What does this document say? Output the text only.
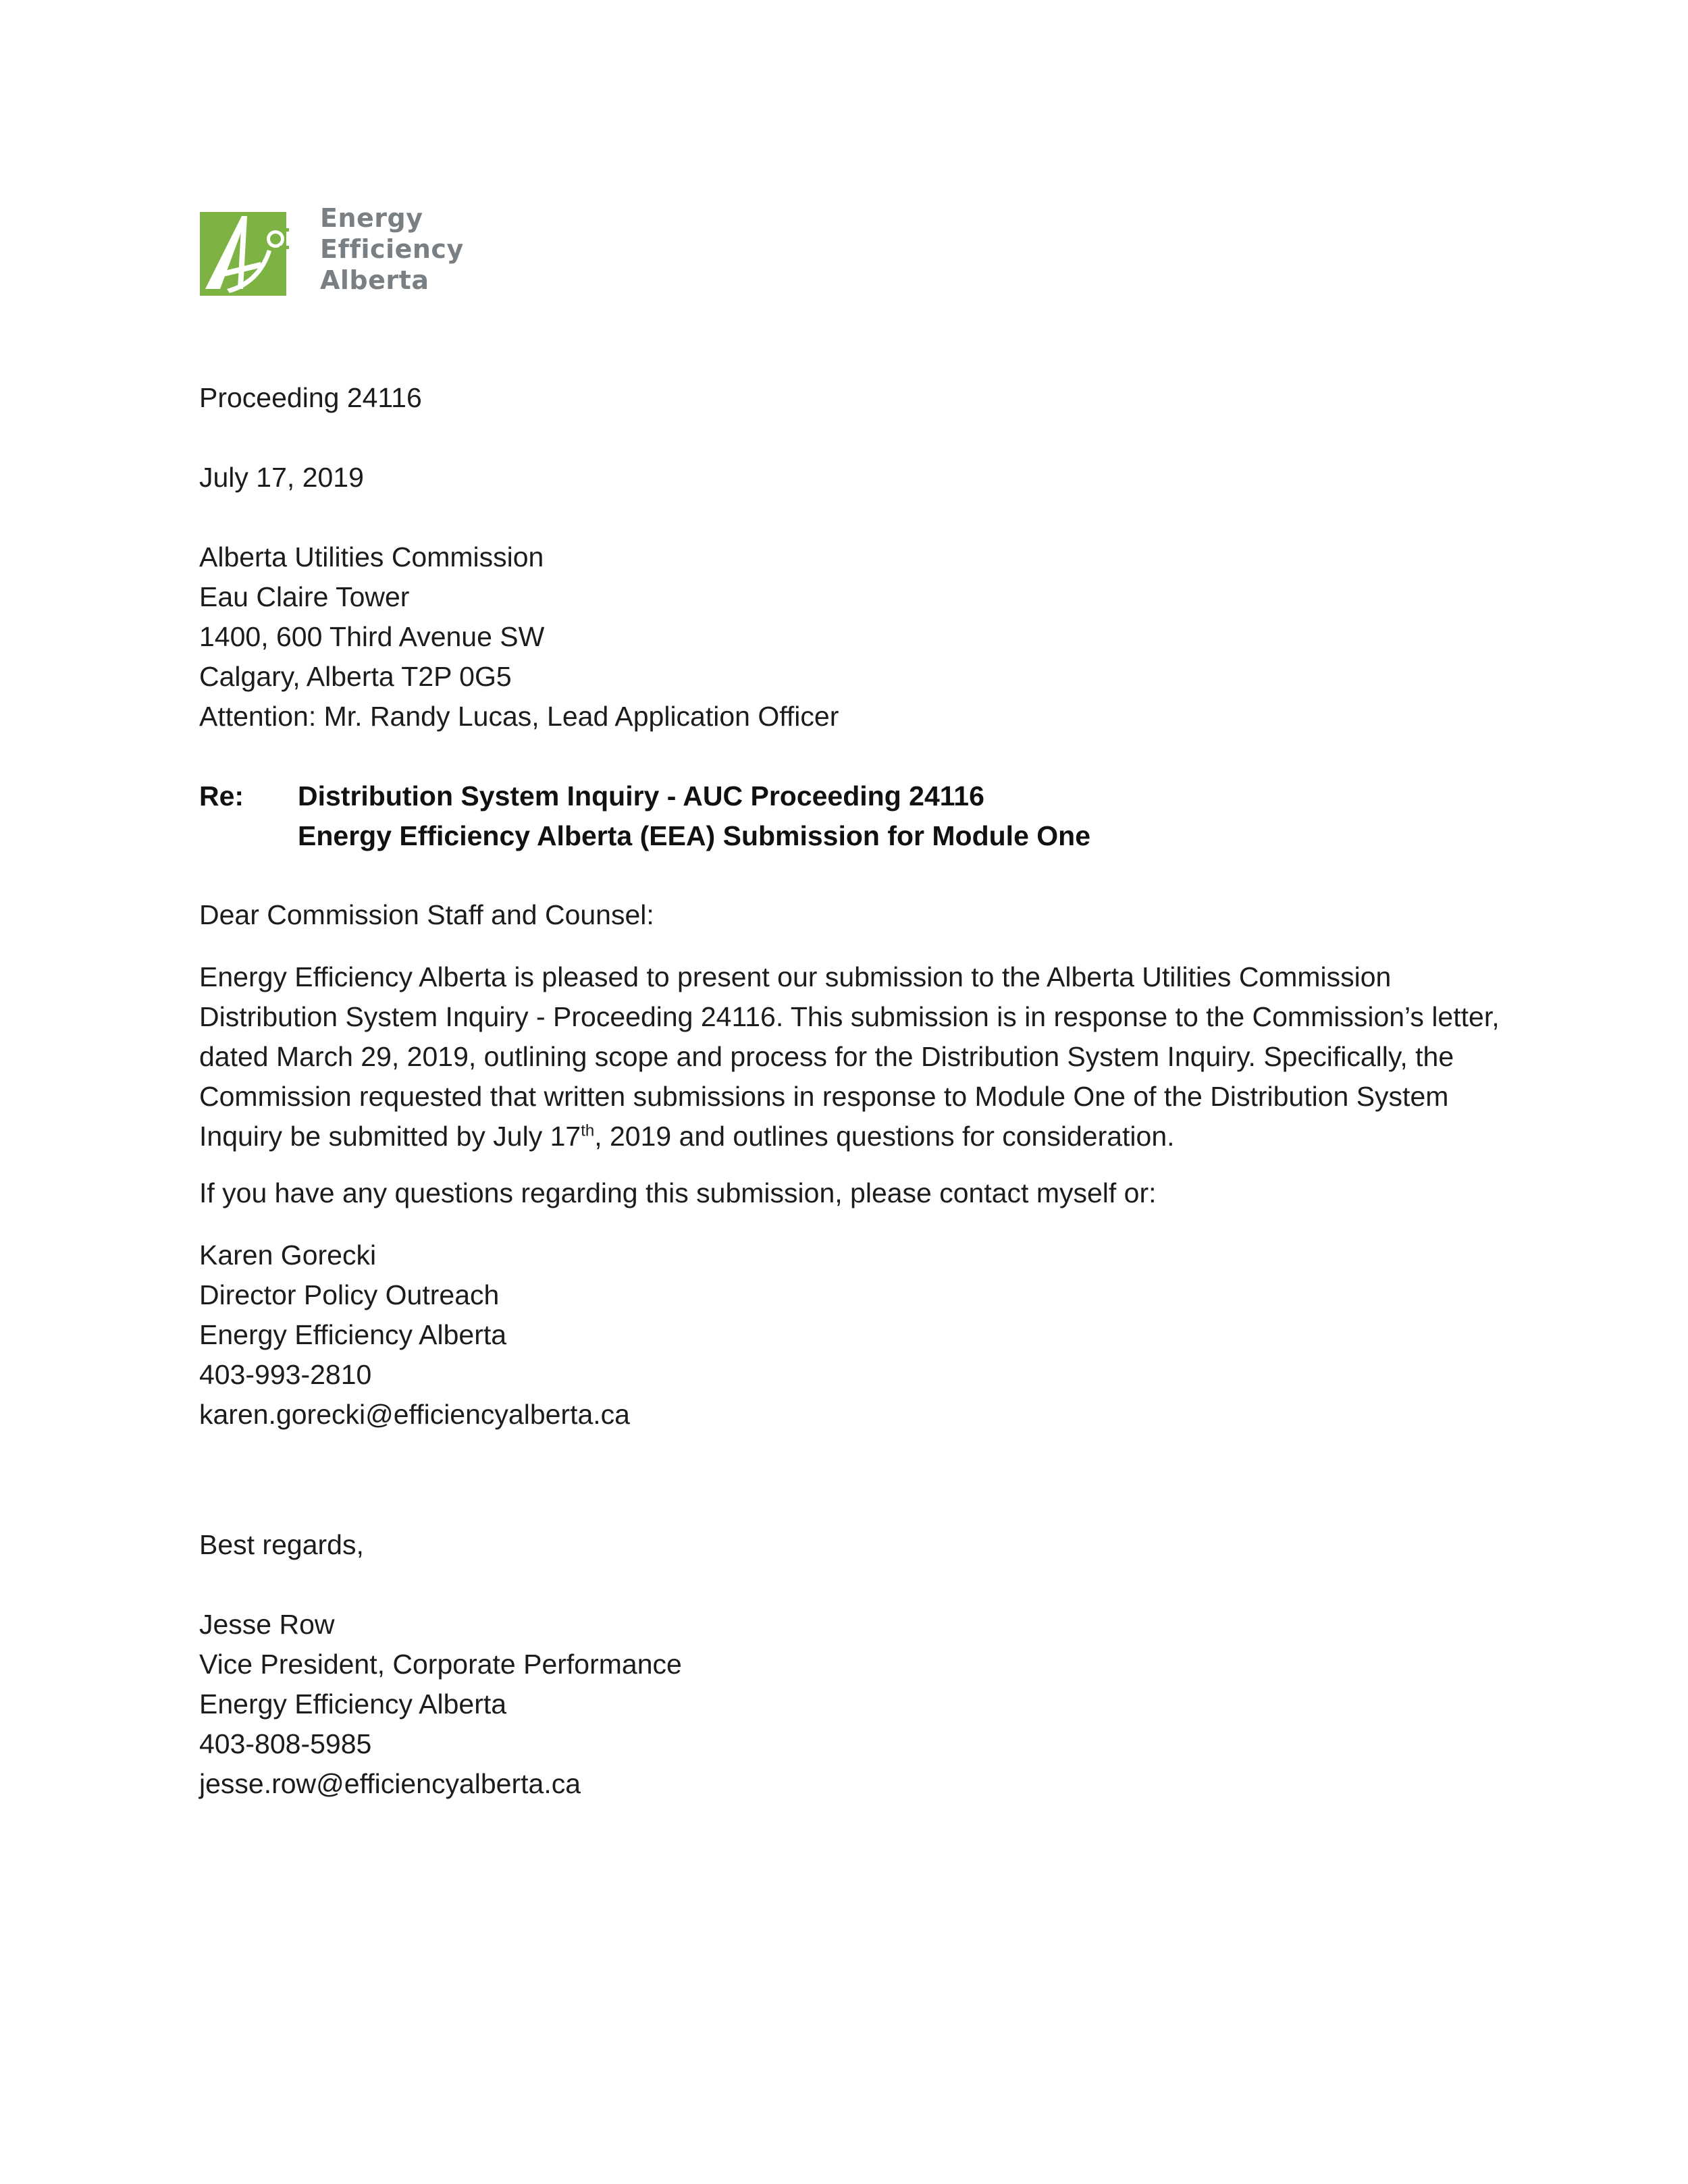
Energy
Efficiency
Alberta
Proceeding 24116
July 17, 2019
Alberta Utilities Commission
Eau Claire Tower
1400, 600 Third Avenue SW
Calgary, Alberta T2P 0G5
Attention: Mr. Randy Lucas, Lead Application Officer
Re: Distribution System Inquiry - AUC Proceeding 24116
Energy Efficiency Alberta (EEA) Submission for Module One
Dear Commission Staff and Counsel:
Energy Efficiency Alberta is pleased to present our submission to the Alberta Utilities Commission
Distribution System Inquiry - Proceeding 24116. This submission is in response to the Commission’s letter,
dated March 29, 2019, outlining scope and process for the Distribution System Inquiry. Specifically, the
Commission requested that written submissions in response to Module One of the Distribution System
Inquiry be submitted by July 17th, 2019 and outlines questions for consideration.
If you have any questions regarding this submission, please contact myself or:
Karen Gorecki
Director Policy Outreach
Energy Efficiency Alberta
403-993-2810
karen.gorecki@efficiencyalberta.ca
Best regards,
Jesse Row
Vice President, Corporate Performance
Energy Efficiency Alberta
403-808-5985
jesse.row@efficiencyalberta.ca
